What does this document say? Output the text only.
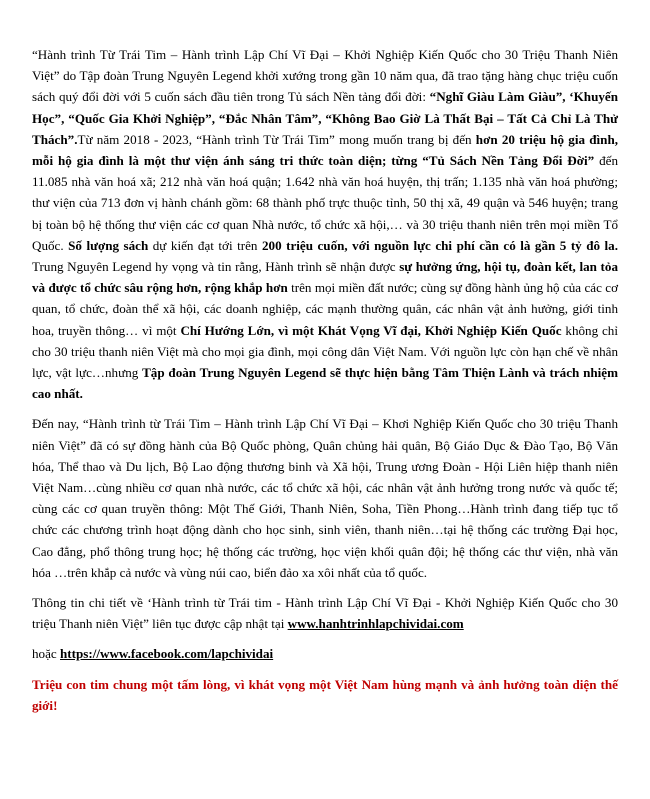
“Hành trình Từ Trái Tim – Hành trình Lập Chí Vĩ Đại – Khởi Nghiệp Kiến Quốc cho 30 Triệu Thanh Niên Việt” do Tập đoàn Trung Nguyên Legend khởi xướng trong gần 10 năm qua, đã trao tặng hàng chục triệu cuốn sách quý đổi đời với 5 cuốn sách đầu tiên trong Tủ sách Nền tảng đổi đời: “Nghĩ Giàu Làm Giàu”, ‘Khuyến Học”, “Quốc Gia Khởi Nghiệp”, “Đắc Nhân Tâm”, “Không Bao Giờ Là Thất Bại – Tất Cả Chỉ Là Thử Thách”.Từ năm 2018 - 2023, “Hành trình Từ Trái Tim” mong muốn trang bị đến hơn 20 triệu hộ gia đình, mỗi hộ gia đình là một thư viện ánh sáng tri thức toàn diện; từng “Tủ Sách Nền Tảng Đổi Đời” đến 11.085 nhà văn hoá xã; 212 nhà văn hoá quận; 1.642 nhà văn hoá huyện, thị trấn; 1.135 nhà văn hoá phường; thư viện của 713 đơn vị hành chánh gồm: 68 thành phố trực thuộc tỉnh, 50 thị xã, 49 quận và 546 huyện; trang bị toàn bộ hệ thống thư viện các cơ quan Nhà nước, tổ chức xã hội,… và 30 triệu thanh niên trên mọi miền Tổ Quốc. Số lượng sách dự kiến đạt tới trên 200 triệu cuốn, với nguồn lực chi phí cần có là gần 5 tỷ đô la. Trung Nguyên Legend hy vọng và tin rằng, Hành trình sẽ nhận được sự hưởng ứng, hội tụ, đoàn kết, lan tỏa và được tổ chức sâu rộng hơn, rộng khắp hơn trên mọi miền đất nước; cùng sự đồng hành ủng hộ của các cơ quan, tổ chức, đoàn thể xã hội, các doanh nghiệp, các mạnh thường quân, các nhân vật ảnh hưởng, giới tinh hoa, truyền thông… vì một Chí Hướng Lớn, vì một Khát Vọng Vĩ đại, Khởi Nghiệp Kiến Quốc không chỉ cho 30 triệu thanh niên Việt mà cho mọi gia đình, mọi công dân Việt Nam. Với nguồn lực còn hạn chế về nhân lực, vật lực…nhưng Tập đoàn Trung Nguyên Legend sẽ thực hiện bằng Tâm Thiện Lành và trách nhiệm cao nhất.

Đến nay, “Hành trình từ Trái Tim – Hành trình Lập Chí Vĩ Đại – Khơi Nghiệp Kiến Quốc cho 30 triệu Thanh niên Việt” đã có sự đồng hành của Bộ Quốc phòng, Quân chủng hải quân, Bộ Giáo Dục & Đào Tạo, Bộ Văn hóa, Thể thao và Du lịch, Bộ Lao động thương binh và Xã hội, Trung ương Đoàn - Hội Liên hiệp thanh niên Việt Nam…cùng nhiều cơ quan nhà nước, các tổ chức xã hội, các nhân vật ảnh hưởng trong nước và quốc tế; cùng các cơ quan truyền thông: Một Thế Giới, Thanh Niên, Soha, Tiền Phong…Hành trình đang tiếp tục tổ chức các chương trình hoạt động dành cho học sinh, sinh viên, thanh niên…tại hệ thống các trường Đại học, Cao đẳng, phổ thông trung học; hệ thống các trường, học viện khối quân đội; hệ thống các thư viện, nhà văn hóa …trên khắp cả nước và vùng núi cao, biển đảo xa xôi nhất của tổ quốc.

Thông tin chi tiết về ‘Hành trình từ Trái tim - Hành trình Lập Chí Vĩ Đại - Khởi Nghiệp Kiến Quốc cho 30 triệu Thanh niên Việt” liên tục được cập nhật tại www.hanhtrinhlapchividai.com

hoặc https://www.facebook.com/lapchividai

Triệu con tim chung một tấm lòng, vì khát vọng một Việt Nam hùng mạnh và ảnh hưởng toàn diện thế giới!
